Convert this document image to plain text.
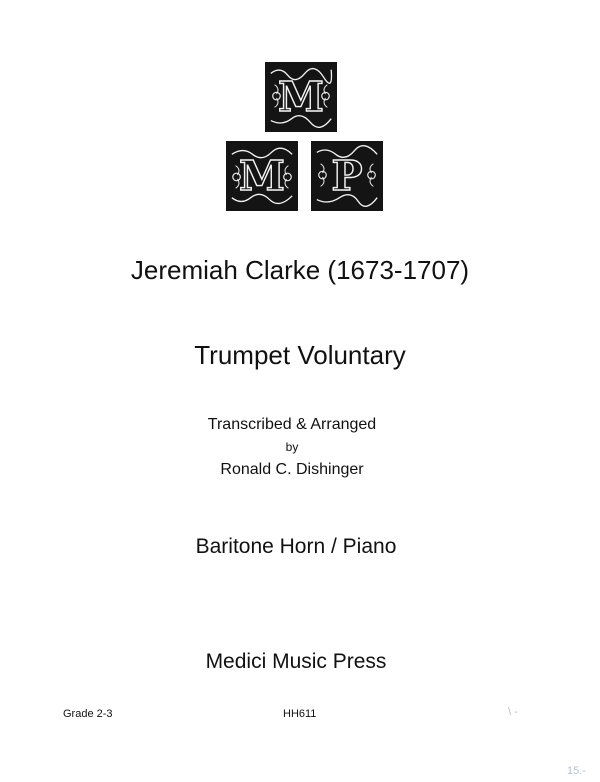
M
M P
Jeremiah Clarke (1673-1707)
Trumpet Voluntary
Transcribed & Arranged
by
Ronald C. Dishinger
Baritone Horn / Piano
Medici Music Press
Grade 2-3	HH611	\ -
15.-
